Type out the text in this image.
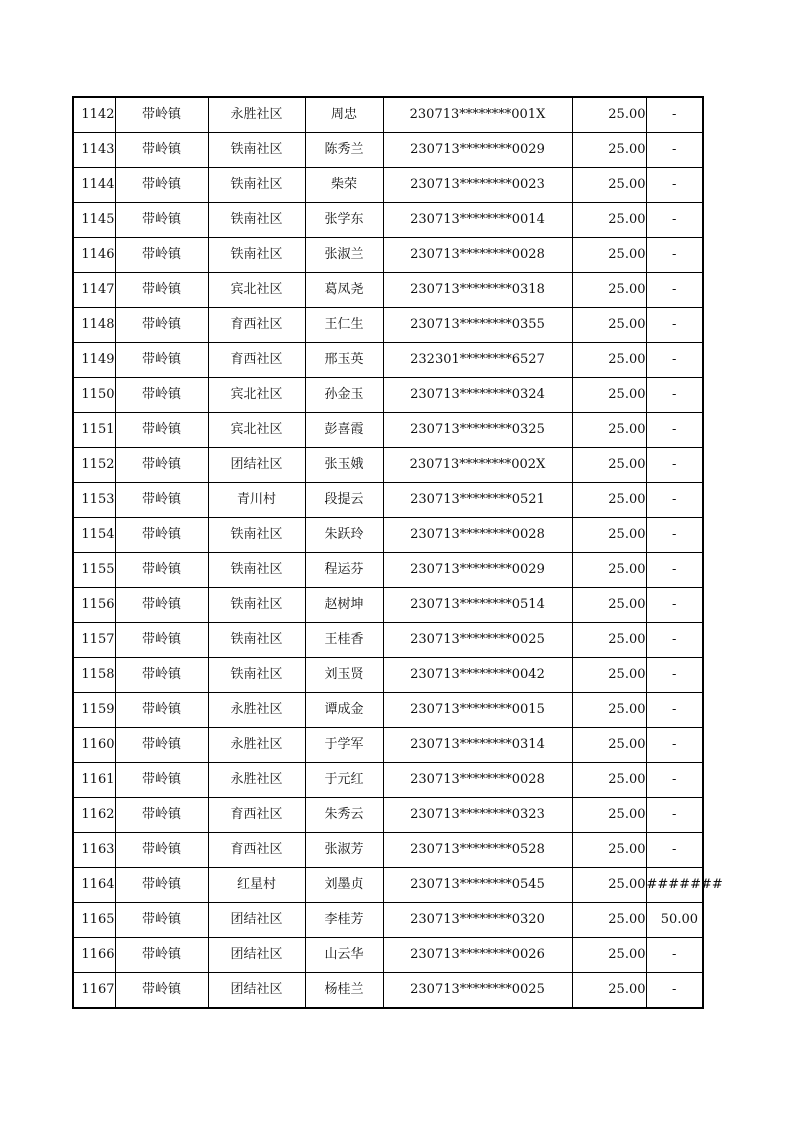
1142	带岭镇	永胜社区	周忠	230713********001X	25.00	-
1143	带岭镇	铁南社区	陈秀兰	230713********0029	25.00	-
1144	带岭镇	铁南社区	柴荣	230713********0023	25.00	-
1145	带岭镇	铁南社区	张学东	230713********0014	25.00	-
1146	带岭镇	铁南社区	张淑兰	230713********0028	25.00	-
1147	带岭镇	宾北社区	葛凤尧	230713********0318	25.00	-
1148	带岭镇	育西社区	王仁生	230713********0355	25.00	-
1149	带岭镇	育西社区	邢玉英	232301********6527	25.00	-
1150	带岭镇	宾北社区	孙金玉	230713********0324	25.00	-
1151	带岭镇	宾北社区	彭喜霞	230713********0325	25.00	-
1152	带岭镇	团结社区	张玉娥	230713********002X	25.00	-
1153	带岭镇	青川村	段提云	230713********0521	25.00	-
1154	带岭镇	铁南社区	朱跃玲	230713********0028	25.00	-
1155	带岭镇	铁南社区	程运芬	230713********0029	25.00	-
1156	带岭镇	铁南社区	赵树坤	230713********0514	25.00	-
1157	带岭镇	铁南社区	王桂香	230713********0025	25.00	-
1158	带岭镇	铁南社区	刘玉贤	230713********0042	25.00	-
1159	带岭镇	永胜社区	谭成金	230713********0015	25.00	-
1160	带岭镇	永胜社区	于学军	230713********0314	25.00	-
1161	带岭镇	永胜社区	于元红	230713********0028	25.00	-
1162	带岭镇	育西社区	朱秀云	230713********0323	25.00	-
1163	带岭镇	育西社区	张淑芳	230713********0528	25.00	-
1164	带岭镇	红星村	刘墨贞	230713********0545	25.00	#######
1165	带岭镇	团结社区	李桂芳	230713********0320	25.00	50.00
1166	带岭镇	团结社区	山云华	230713********0026	25.00	-
1167	带岭镇	团结社区	杨桂兰	230713********0025	25.00	-
